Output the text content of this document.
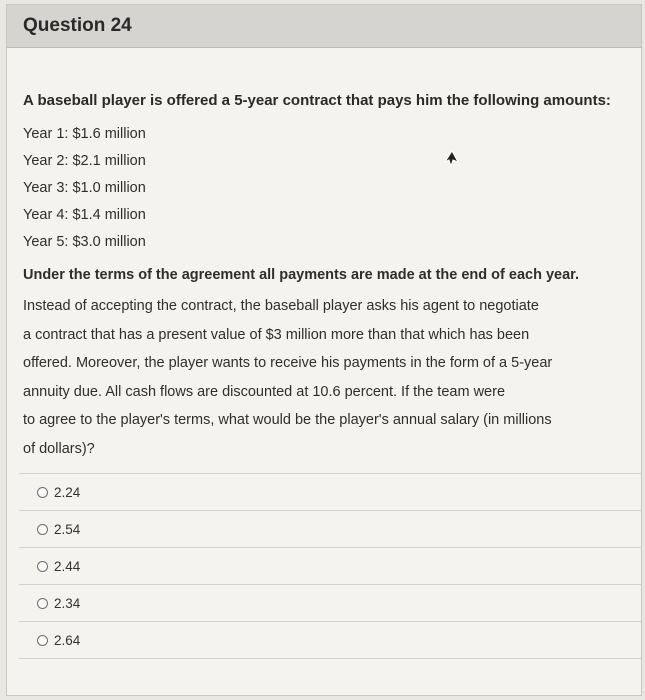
Question 24
A baseball player is offered a 5-year contract that pays him the following amounts:
Year 1: $1.6 million
Year 2: $2.1 million
Year 3: $1.0 million
Year 4: $1.4 million
Year 5: $3.0 million
Under the terms of the agreement all payments are made at the end of each year.
Instead of accepting the contract, the baseball player asks his agent to negotiate
a contract that has a present value of $3 million more than that which has been
offered. Moreover, the player wants to receive his payments in the form of a 5-year
annuity due. All cash flows are discounted at 10.6 percent. If the team were
to agree to the player's terms, what would be the player's annual salary (in millions
of dollars)?
2.24
2.54
2.44
2.34
2.64
